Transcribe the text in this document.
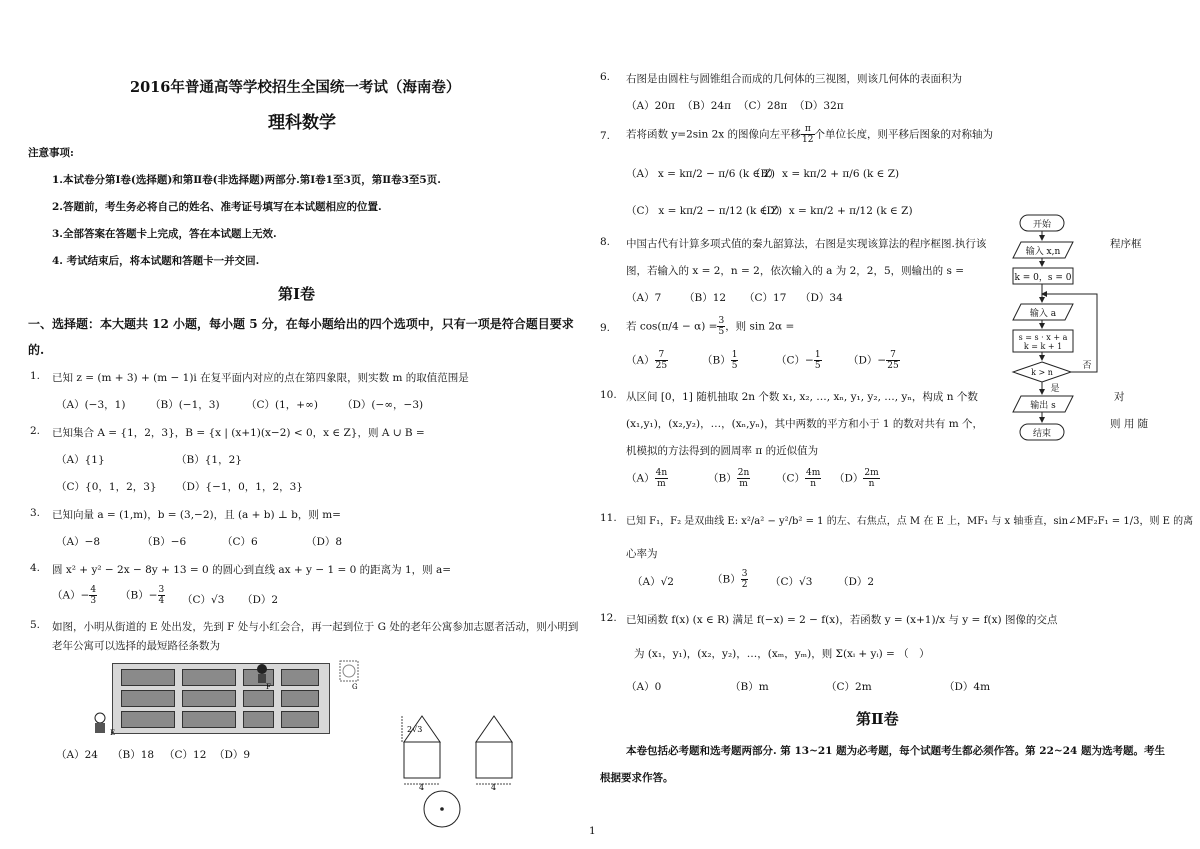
2016年普通高等学校招生全国统一考试（海南卷）
理科数学
注意事项:
1.本试卷分第Ⅰ卷(选择题)和第Ⅱ卷(非选择题)两部分.第Ⅰ卷1至3页，第Ⅱ卷3至5页.
2.答题前，考生务必将自己的姓名、准考证号填写在本试题相应的位置.
3.全部答案在答题卡上完成，答在本试题上无效.
4. 考试结束后，将本试题和答题卡一并交回.
第Ⅰ卷
一、选择题：本大题共 12 小题，每小题 5 分，在每小题给出的四个选项中，只有一项是符合题目要求
的.
1. 已知 z = (m + 3) + (m − 1)i 在复平面内对应的点在第四象限，则实数 m 的取值范围是
（A）(−3，1) （B）(−1，3)	（C）(1，+∞) （D）(−∞，−3)
2. 已知集合 A = {1，2，3}，B = {x | (x+1)(x−2) < 0，x ∈ Z}，则 A ∪ B =
（A）{1}	（B）{1，2}
（C）{0，1，2，3} （D）{−1，0，1，2，3}
3. 已知向量 a = (1,m)，b = (3,−2)，且 (a + b) ⊥ b，则 m=
（A）−8	（B）−6	（C）6	（D）8
4. 圆 x² + y² − 2x − 8y + 13 = 0 的圆心到直线 ax + y − 1 = 0 的距离为 1，则 a=
$(A)- \frac{4}{3} (B)- \frac{3}{4} (C)√3$ （D）2
5. 如图，小明从街道的 E 处出发，先到 F 处与小红会合，再一起到位于 G 处的老年公寓参加志愿者活动，则小明到
老年公寓可以选择的最短路径条数为
E
F	G
（A）24 （B）18 （C）12 （D）9
2√3
4	4
6. 右图是由圆柱与圆锥组合而成的几何体的三视图，则该几何体的表面积为
（A）20π （B）24π （C）28π （D）32π
7. 若将函数 y=2sin 2x 的图像向左平移 $\frac{\pi}{12}$ 个单位长度，则平移后图象的对称轴为
（A） x = kπ/2 − π/6 (k ∈ Z)
（B） x = kπ/2 + π/6 (k ∈ Z)
（C） x = kπ/2 − π/12 (k ∈ Z)
（D） x = kπ/2 + π/12 (k ∈ Z)
8. 中国古代有计算多项式值的秦九韶算法，右图是实现该算法的程序框图.执行该	程序框
图，若输入的 x = 2，n = 2，依次输入的 a 为 2，2，5，则输出的 s =
（A）7 （B）12 （C）17 （D）34
9. 若 $\cos(\pi/4 - \alpha) = \frac{3}{5}$ ，则 sin 2α =
$(A) \frac{7}{25}$	$(B) \frac{1}{5}$	$(C)- \frac{1}{5}$	$(D)- \frac{7}{25}$
10. 从区间 [0，1] 随机抽取 2n 个数 x₁, x₂, …, xₙ, y₁, y₂, …, yₙ，构成 n 个数	对
(x₁,y₁)，(x₂,y₂)，…，(xₙ,yₙ)，其中两数的平方和小于 1 的数对共有 m 个，	则 用 随
机模拟的方法得到的圆周率 π 的近似值为
$(A) \frac{4n}{m}$	$(B) \frac{2n}{m} (C) \frac{4m}{n} (D) \frac{2m}{n}$
11. 已知 F₁，F₂ 是双曲线 E: x²/a² − y²/b² = 1 的左、右焦点，点 M 在 E 上，MF₁ 与 x 轴垂直，sin∠MF₂F₁ = 1/3，则 E 的离
心率为
（A）√2	$(B) \frac{3}{2} (C)√3$ （D）2
12. 已知函数 f(x) (x ∈ R) 满足 f(−x) = 2 − f(x)，若函数 y = (x+1)/x 与 y = f(x) 图像的交点
为 (x₁，y₁)，(x₂，y₂)，…，(xₘ，yₘ)，则 Σ(xᵢ + yᵢ) = （　）
（A）0	（B）m	（C）2m	（D）4m
第Ⅱ卷
本卷包括必考题和选考题两部分. 第 13~21 题为必考题，每个试题考生都必须作答。第 22~24 题为选考题。考生
根据要求作答。
开始
输入 x,n
k = 0，s = 0
输入 a
s = s · x + a
k = k + 1
k > n
否
是
输出 s
结束
1
